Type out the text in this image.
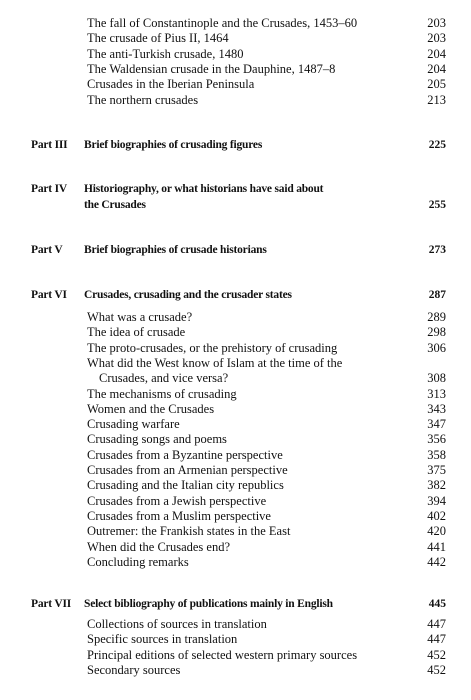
The fall of Constantinople and the Crusades, 1453–60	203
The crusade of Pius II, 1464	203
The anti-Turkish crusade, 1480	204
The Waldensian crusade in the Dauphine, 1487–8	204
Crusades in the Iberian Peninsula	205
The northern crusades	213
Part III Brief biographies of crusading figures	225
Part IV Historiography, or what historians have said about
the Crusades	255
Part V Brief biographies of crusade historians	273
Part VI Crusades, crusading and the crusader states	287
What was a crusade?	289
The idea of crusade	298
The proto-crusades, or the prehistory of crusading	306
What did the West know of Islam at the time of the
Crusades, and vice versa?	308
The mechanisms of crusading	313
Women and the Crusades	343
Crusading warfare	347
Crusading songs and poems	356
Crusades from a Byzantine perspective	358
Crusades from an Armenian perspective	375
Crusading and the Italian city republics	382
Crusades from a Jewish perspective	394
Crusades from a Muslim perspective	402
Outremer: the Frankish states in the East	420
When did the Crusades end?	441
Concluding remarks	442
Part VII Select bibliography of publications mainly in English	445
Collections of sources in translation	447
Specific sources in translation	447
Principal editions of selected western primary sources	452
Secondary sources	452
